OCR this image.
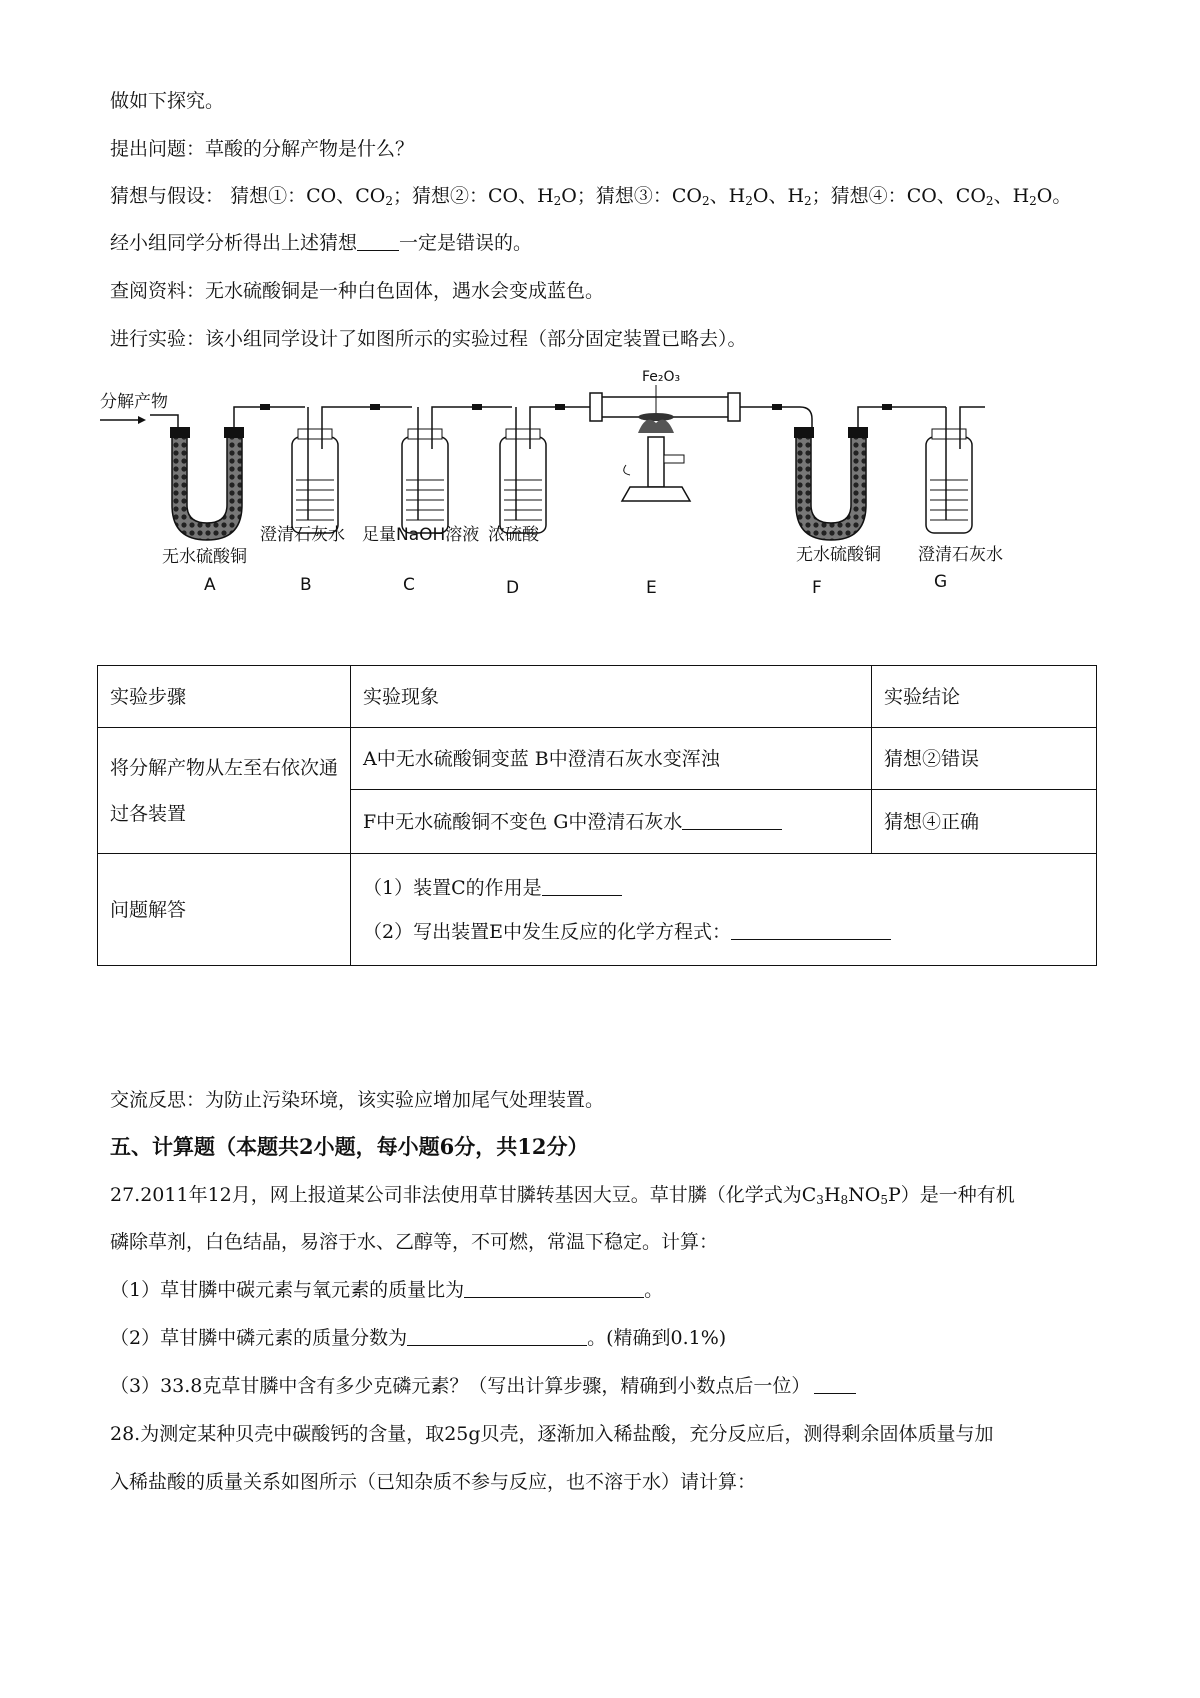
做如下探究。
提出问题：草酸的分解产物是什么？
猜想与假设： 猜想①：CO、$CO_2$；猜想②：CO、$H_2O$；猜想③：$CO_2$、$H_2O$、$H_2$；猜想④：CO、$CO_2$、$H_2O$。
经小组同学分析得出上述猜想 一定是错误的。
查阅资料：无水硫酸铜是一种白色固体，遇水会变成蓝色。
进行实验：该小组同学设计了如图所示的实验过程（部分固定装置已略去）。
分解产物
Fe₂O₃
无水硫酸铜
澄清石灰水 足量NaOH溶液 浓硫酸
无水硫酸铜 澄清石灰水
A	B	C	D	E	F	G
实验步骤	实验现象	实验结论
将分解产物从左至右依次通过各装置	A中无水硫酸铜变蓝 B中澄清石灰水变浑浊	猜想②错误
	F中无水硫酸铜不变色 G中澄清石灰水	猜想④正确
问题解答	（1）装置C的作用是
（2）写出装置E中发生反应的化学方程式：	
交流反思：为防止污染环境，该实验应增加尾气处理装置。
五、计算题（本题共2小题，每小题6分，共12分）
27.2011年12月，网上报道某公司非法使用草甘膦转基因大豆。草甘膦（化学式为$C_3H_8NO_5P$）是一种有机
磷除草剂，白色结晶，易溶于水、乙醇等，不可燃，常温下稳定。计算：
（1）草甘膦中碳元素与氧元素的质量比为	。
（2）草甘膦中磷元素的质量分数为	。(精确到0.1%)
（3）33.8克草甘膦中含有多少克磷元素？（写出计算步骤，精确到小数点后一位）
28.为测定某种贝壳中碳酸钙的含量，取25g贝壳，逐渐加入稀盐酸，充分反应后，测得剩余固体质量与加
入稀盐酸的质量关系如图所示（已知杂质不参与反应，也不溶于水）请计算：
